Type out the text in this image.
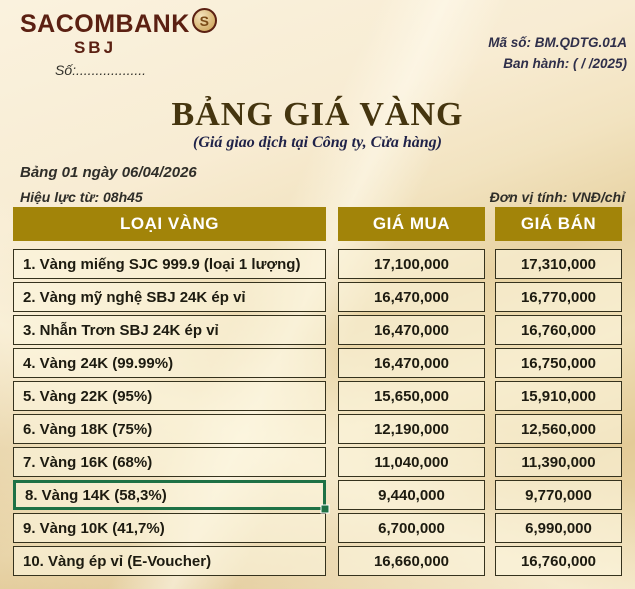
SACOMBANK S
SBJ
Số:..................
Mã số: BM.QDTG.01A
Ban hành: ( / /2025)
BẢNG GIÁ VÀNG
(Giá giao dịch tại Công ty, Cửa hàng)
Bảng 01 ngày 06/04/2026
Hiệu lực từ: 08h45	Đơn vị tính: VNĐ/chỉ
LOẠI VÀNG	GIÁ MUA	GIÁ BÁN
1. Vàng miếng SJC 999.9 (loại 1 lượng)	17,100,000	17,310,000
2. Vàng mỹ nghệ SBJ 24K ép vỉ	16,470,000	16,770,000
3. Nhẫn Trơn SBJ 24K ép vỉ	16,470,000	16,760,000
4. Vàng 24K (99.99%)	16,470,000	16,750,000
5. Vàng 22K (95%)	15,650,000	15,910,000
6. Vàng 18K (75%)	12,190,000	12,560,000
7. Vàng 16K (68%)	11,040,000	11,390,000
8. Vàng 14K (58,3%)	9,440,000	9,770,000
9. Vàng 10K (41,7%)	6,700,000	6,990,000
10. Vàng ép vỉ (E-Voucher)	16,660,000	16,760,000
